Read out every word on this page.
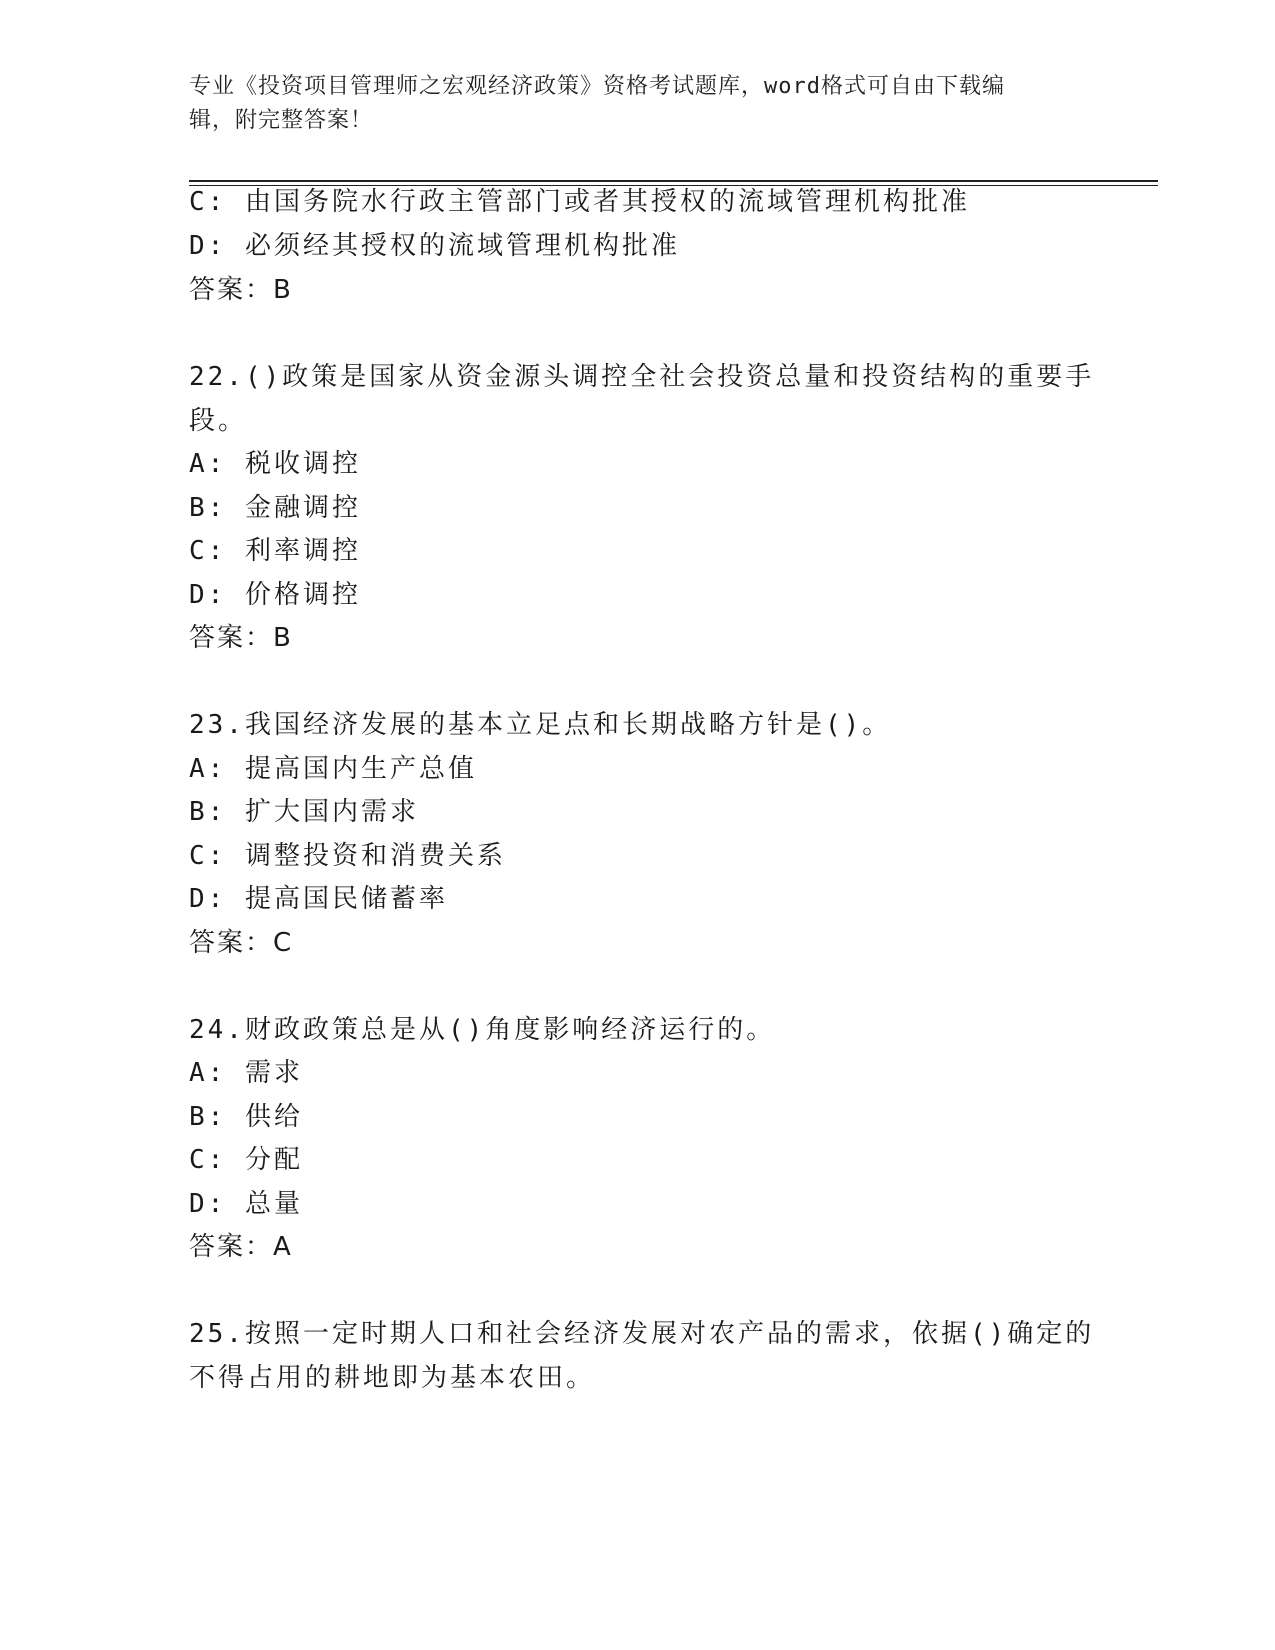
专业《投资项目管理师之宏观经济政策》资格考试题库，word格式可自由下载编
辑，附完整答案！
C: 由国务院水行政主管部门或者其授权的流域管理机构批准
D: 必须经其授权的流域管理机构批准
答案：B
22.()政策是国家从资金源头调控全社会投资总量和投资结构的重要手
段。
A: 税收调控
B: 金融调控
C: 利率调控
D: 价格调控
答案：B
23.我国经济发展的基本立足点和长期战略方针是()。
A: 提高国内生产总值
B: 扩大国内需求
C: 调整投资和消费关系
D: 提高国民储蓄率
答案：C
24.财政政策总是从()角度影响经济运行的。
A: 需求
B: 供给
C: 分配
D: 总量
答案：A
25.按照一定时期人口和社会经济发展对农产品的需求，依据()确定的
不得占用的耕地即为基本农田。
